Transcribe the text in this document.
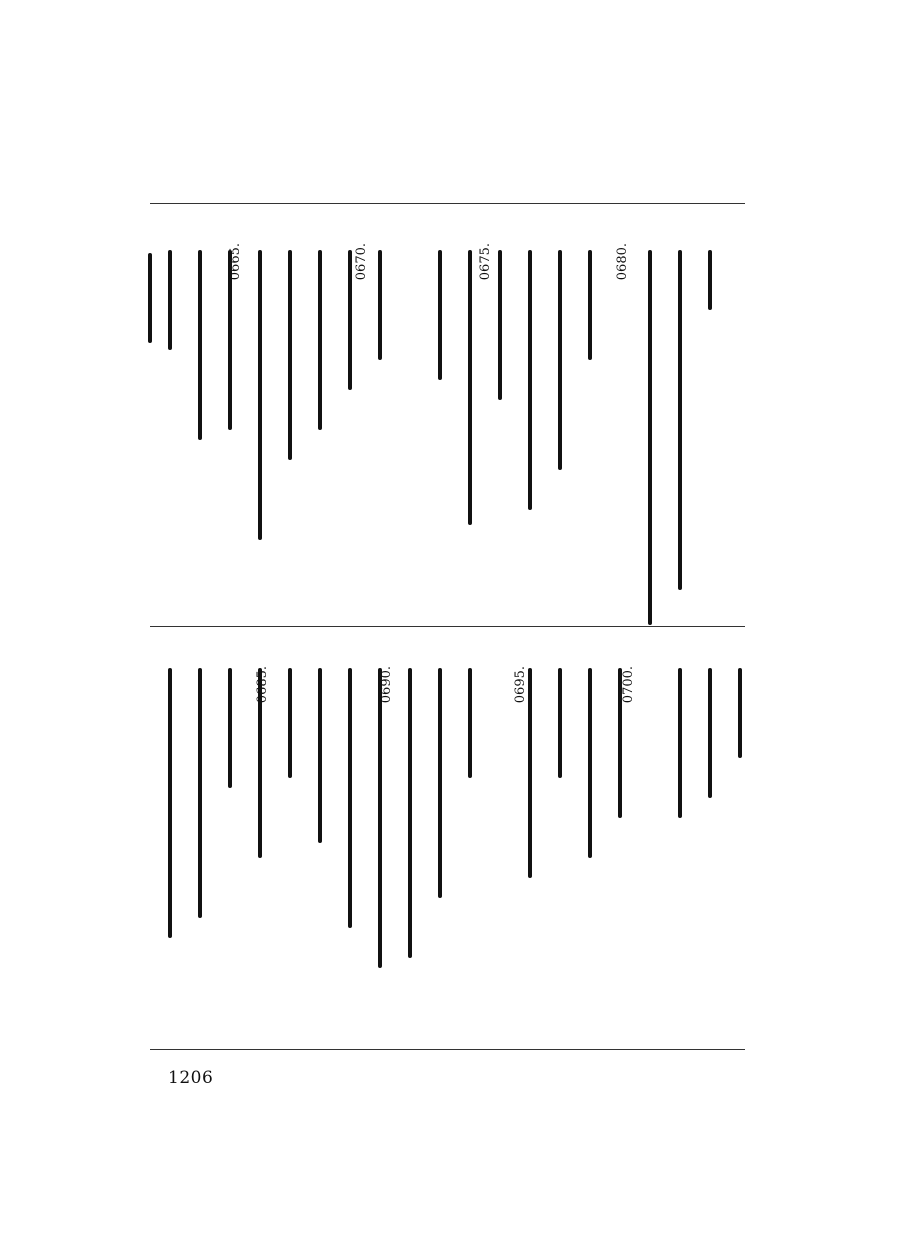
0700.
0695.
0690.
0685.
0680.
0675.
0670.
0665.
1206
